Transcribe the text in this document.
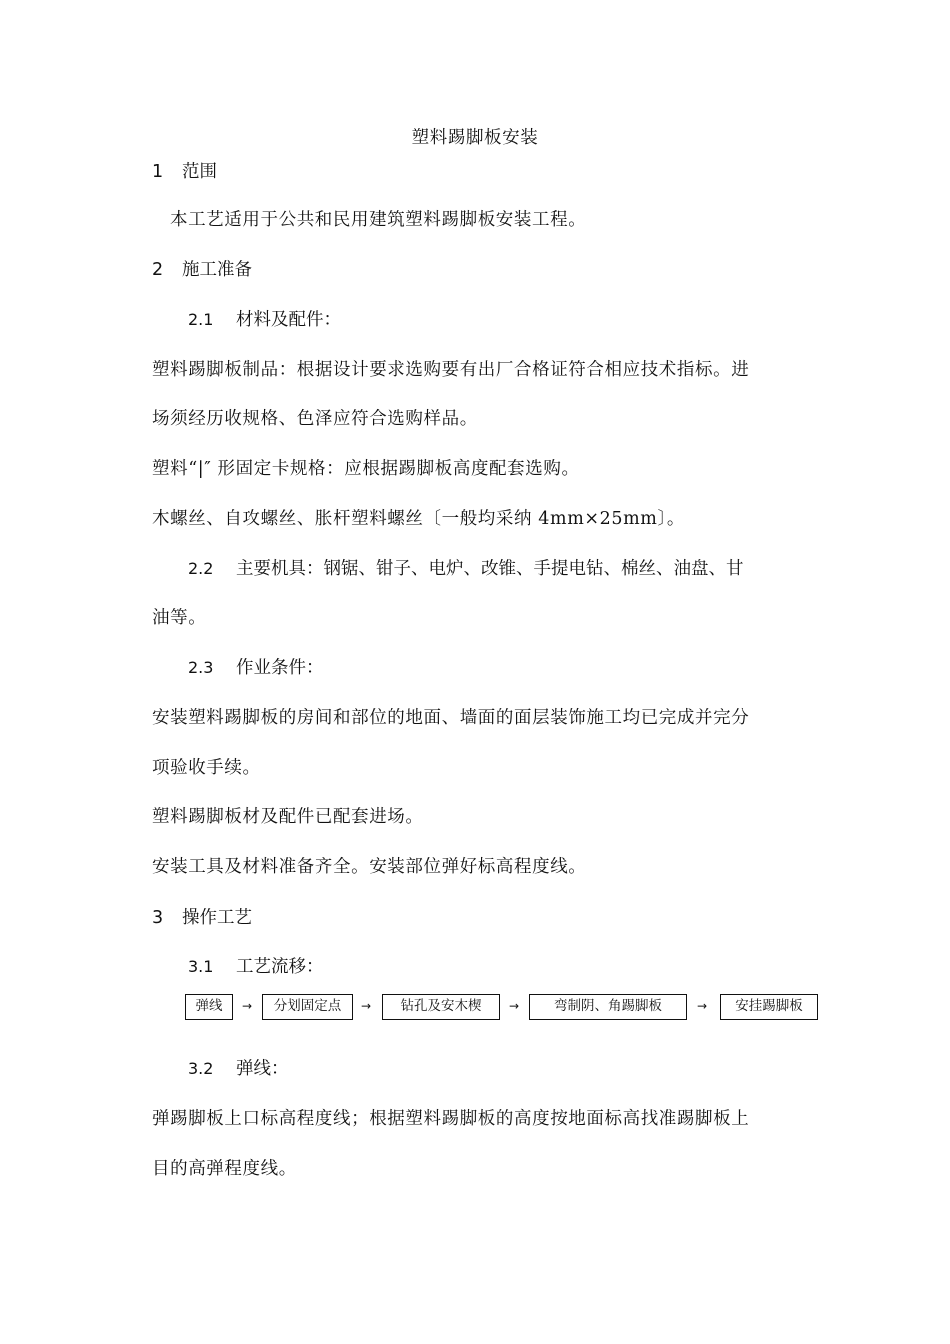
塑料踢脚板安装
1 范围
本工艺适用于公共和民用建筑塑料踢脚板安装工程。
2 施工准备
2.1 材料及配件：
塑料踢脚板制品：根据设计要求选购要有出厂合格证符合相应技术指标。进
场须经历收规格、色泽应符合选购样品。
塑料“|″ 形固定卡规格：应根据踢脚板高度配套选购。
木螺丝、自攻螺丝、胀杆塑料螺丝〔一般均采纳 4mm×25mm〕。
2.2 主要机具：钢锯、钳子、电炉、改锥、手提电钻、棉丝、油盘、甘
油等。
2.3 作业条件：
安装塑料踢脚板的房间和部位的地面、墙面的面层装饰施工均已完成并完分
项验收手续。
塑料踢脚板材及配件已配套进场。
安装工具及材料准备齐全。安装部位弹好标高程度线。
3 操作工艺
3.1 工艺流移：
弹线	→	分划固定点	→	钻孔及安木楔	→	弯制阴、角踢脚板	→	安挂踢脚板
3.2 弹线：
弹踢脚板上口标高程度线；根据塑料踢脚板的高度按地面标高找准踢脚板上
目的高弹程度线。
